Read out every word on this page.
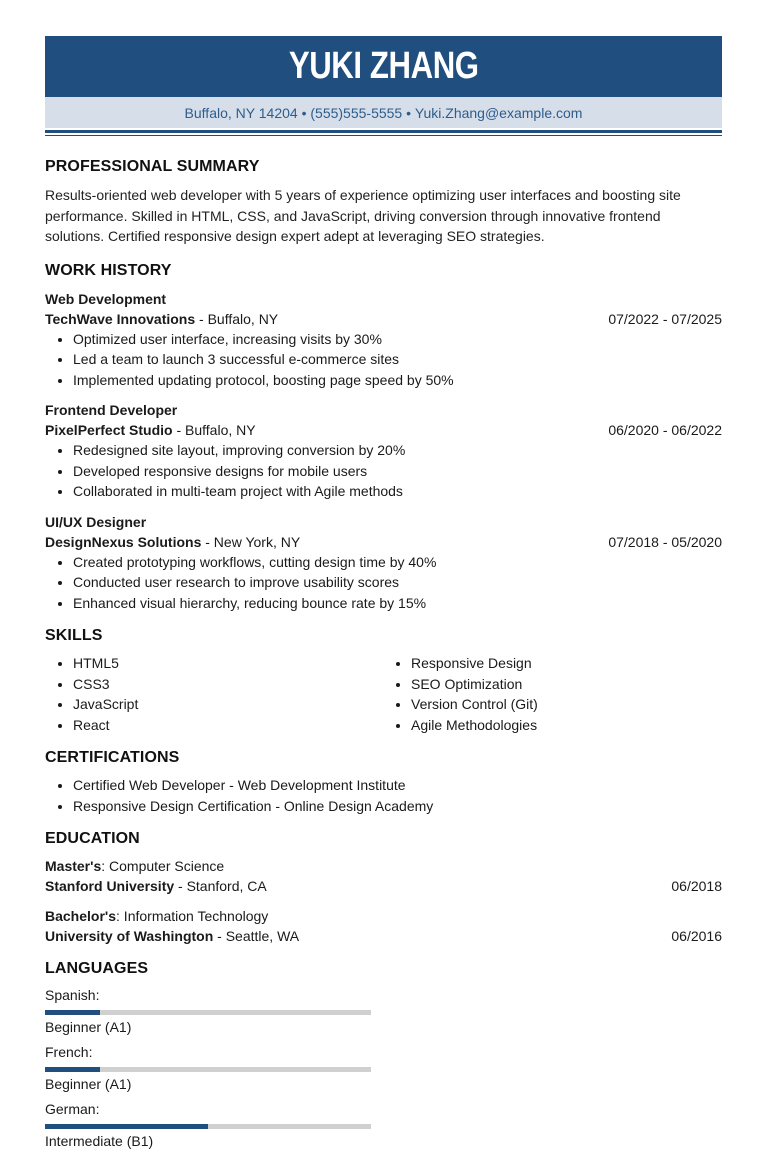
YUKI ZHANG
Buffalo, NY 14204 • (555)555-5555 • Yuki.Zhang@example.com
PROFESSIONAL SUMMARY
Results-oriented web developer with 5 years of experience optimizing user interfaces and boosting site performance. Skilled in HTML, CSS, and JavaScript, driving conversion through innovative frontend solutions. Certified responsive design expert adept at leveraging SEO strategies.
WORK HISTORY
Web Development
TechWave Innovations - Buffalo, NY	07/2022 - 07/2025
• Optimized user interface, increasing visits by 30%
• Led a team to launch 3 successful e-commerce sites
• Implemented updating protocol, boosting page speed by 50%
Frontend Developer
PixelPerfect Studio - Buffalo, NY	06/2020 - 06/2022
• Redesigned site layout, improving conversion by 20%
• Developed responsive designs for mobile users
• Collaborated in multi-team project with Agile methods
UI/UX Designer
DesignNexus Solutions - New York, NY	07/2018 - 05/2020
• Created prototyping workflows, cutting design time by 40%
• Conducted user research to improve usability scores
• Enhanced visual hierarchy, reducing bounce rate by 15%
SKILLS
• HTML5
• CSS3
• JavaScript
• React
• Responsive Design
• SEO Optimization
• Version Control (Git)
• Agile Methodologies
CERTIFICATIONS
• Certified Web Developer - Web Development Institute
• Responsive Design Certification - Online Design Academy
EDUCATION
Master's: Computer Science
Stanford University - Stanford, CA	06/2018
Bachelor's: Information Technology
University of Washington - Seattle, WA	06/2016
LANGUAGES
Spanish:
Beginner (A1)
French:
Beginner (A1)
German:
Intermediate (B1)
